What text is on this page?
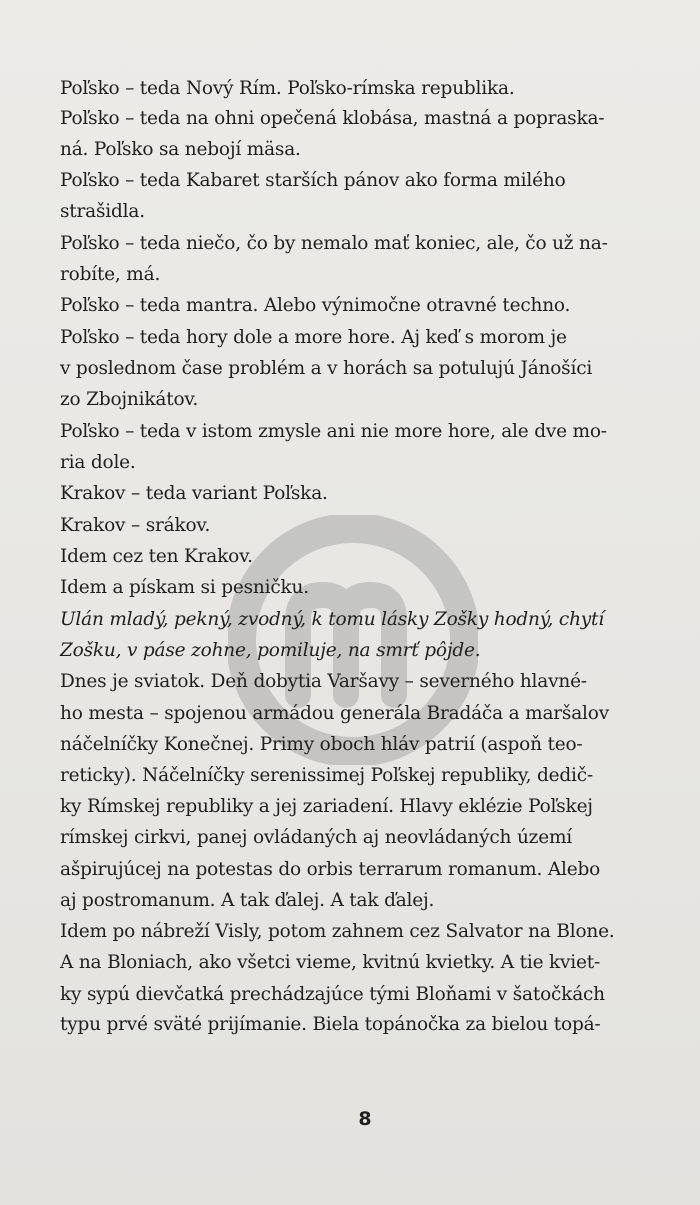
Poľsko – teda Nový Rím. Poľsko-rímska republika.
Poľsko – teda na ohni opečená klobása, mastná a popraska-
ná. Poľsko sa nebojí mäsa.
Poľsko – teda Kabaret starších pánov ako forma milého
strašidla.
Poľsko – teda niečo, čo by nemalo mať koniec, ale, čo už na-
robíte, má.
Poľsko – teda mantra. Alebo výnimočne otravné techno.
Poľsko – teda hory dole a more hore. Aj keď s morom je
v poslednom čase problém a v horách sa potulujú Jánošíci
zo Zbojnikátov.
Poľsko – teda v istom zmysle ani nie more hore, ale dve mo-
ria dole.
Krakov – teda variant Poľska.
Krakov – srákov.
Idem cez ten Krakov.
Idem a pískam si pesničku.
Ulán mladý, pekný, zvodný, k tomu lásky Zošky hodný, chytí
Zošku, v páse zohne, pomiluje, na smrť pôjde.
Dnes je sviatok. Deň dobytia Varšavy – severného hlavné-
ho mesta – spojenou armádou generála Bradáča a maršalov
náčelníčky Konečnej. Primy oboch hláv patrií (aspoň teo-
reticky). Náčelníčky serenissimej Poľskej republiky, dedič-
ky Rímskej republiky a jej zariadení. Hlavy eklézie Poľskej
rímskej cirkvi, panej ovládaných aj neovládaných území
ašpirujúcej na potestas do orbis terrarum romanum. Alebo
aj postromanum. A tak ďalej. A tak ďalej.
Idem po nábreží Visly, potom zahnem cez Salvator na Blone.
A na Bloniach, ako všetci vieme, kvitnú kvietky. A tie kviet-
ky sypú dievčatká prechádzajúce tými Bloňami v šatočkách
typu prvé sväté prijímanie. Biela topánočka za bielou topá-
8
